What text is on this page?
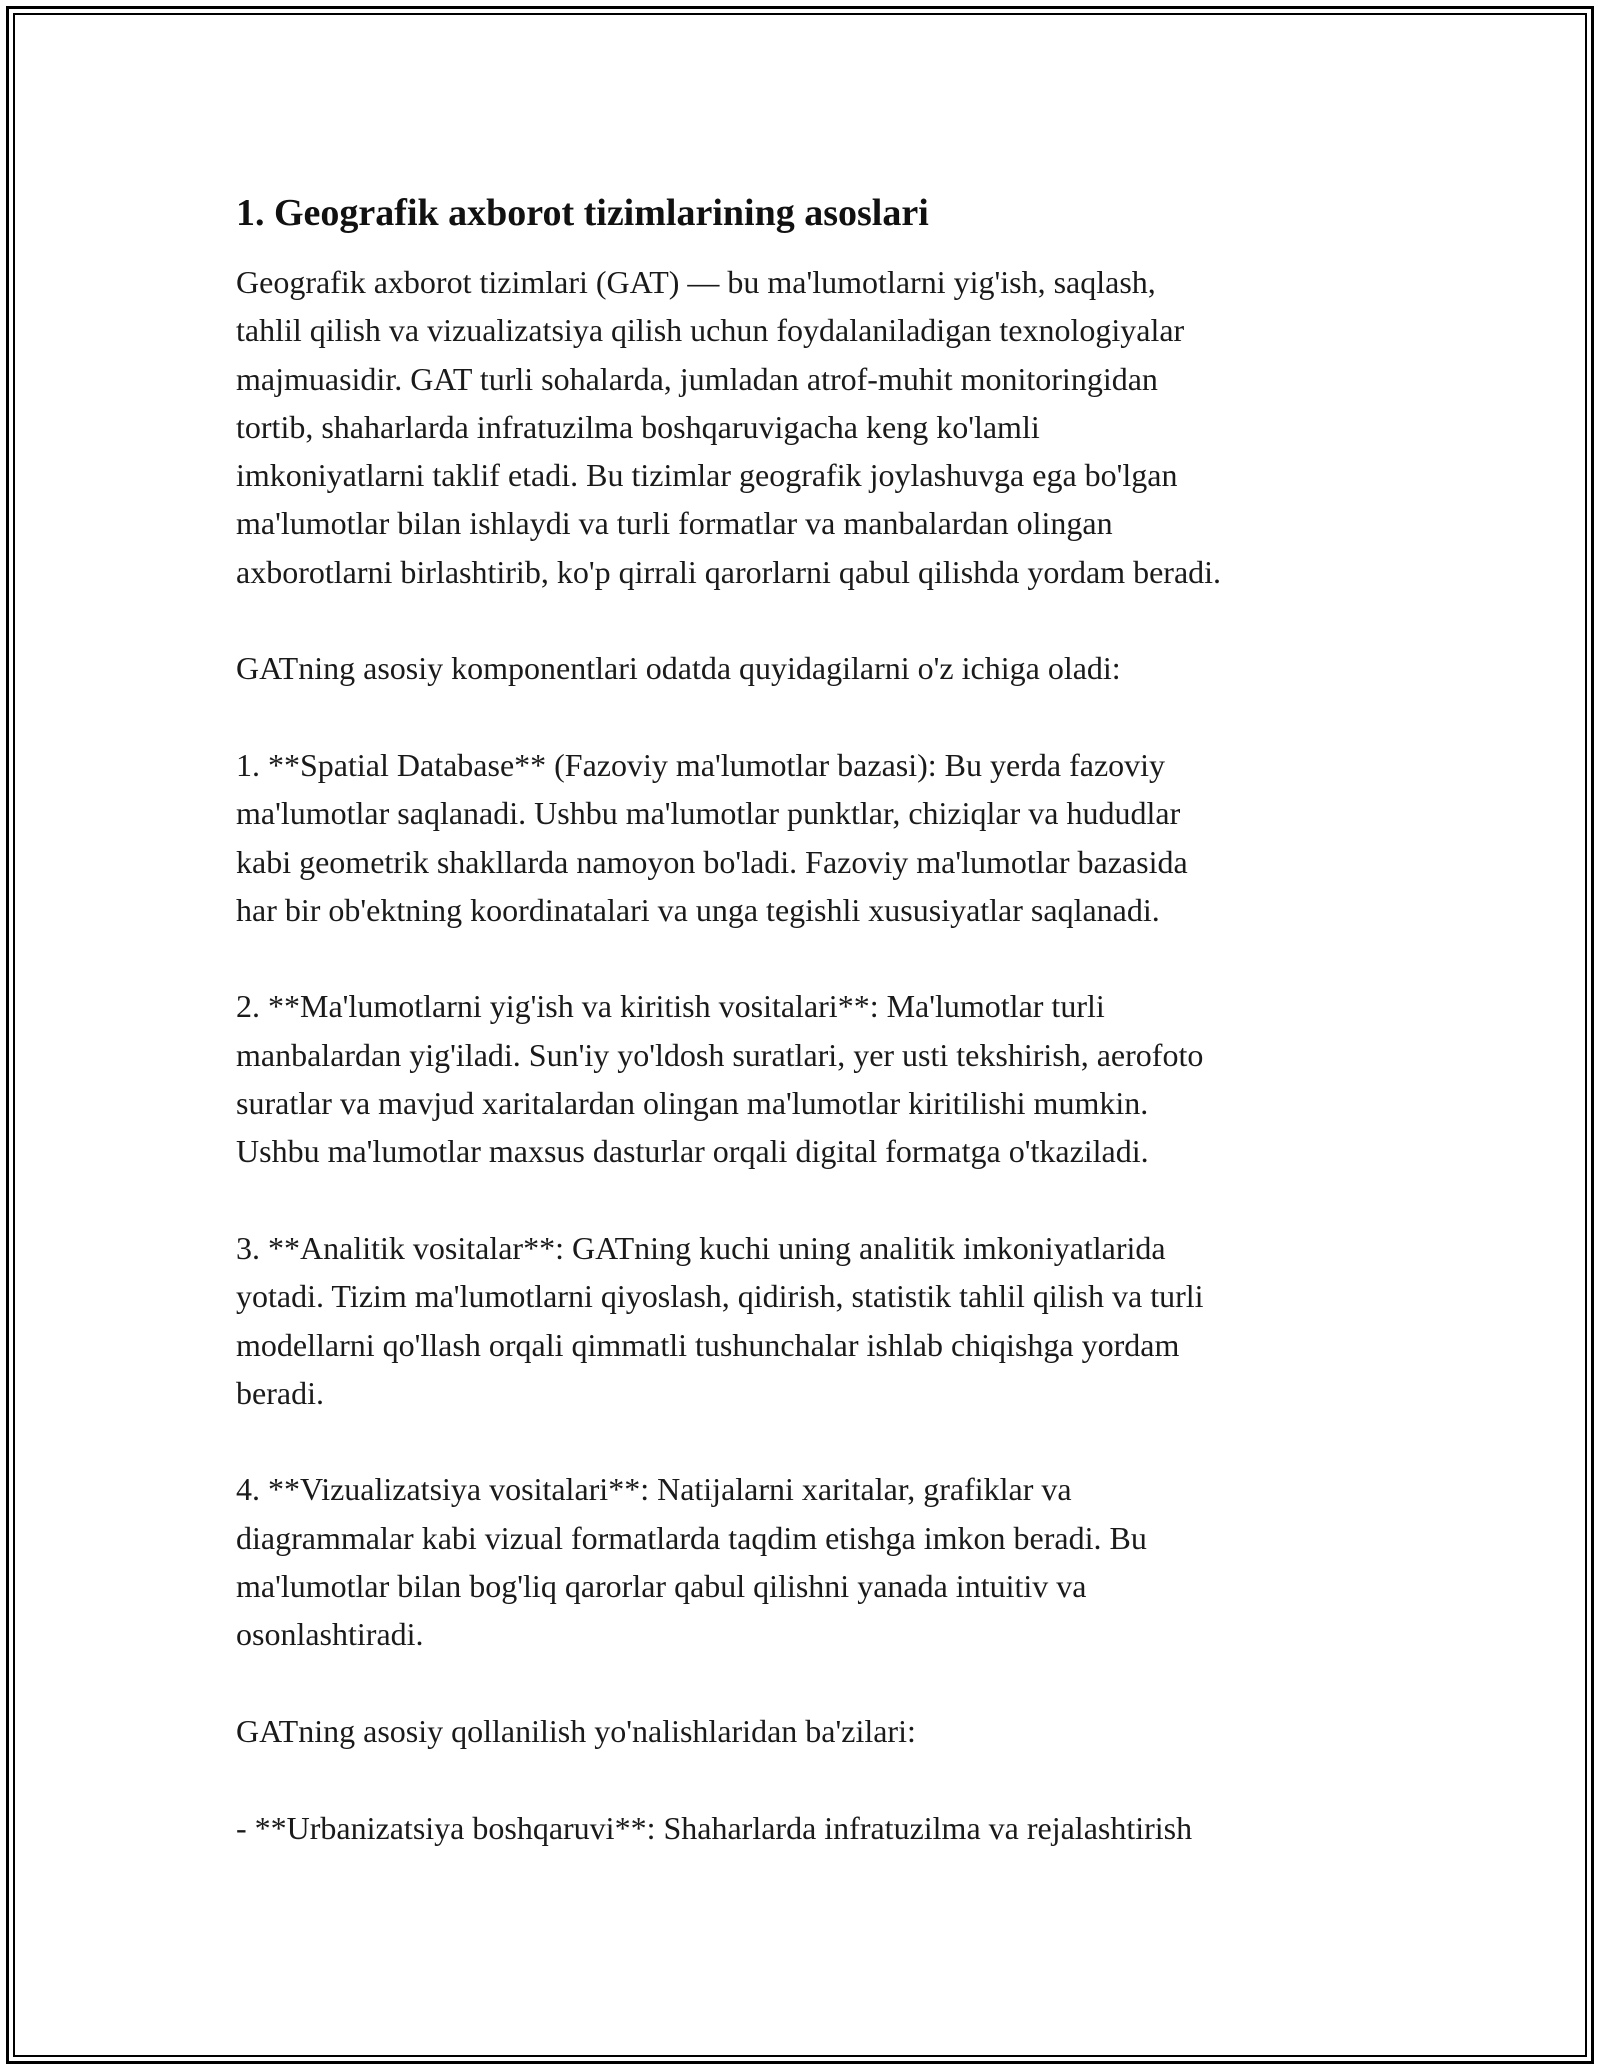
1. Geografik axborot tizimlarining asoslari

Geografik axborot tizimlari (GAT) — bu ma'lumotlarni yig'ish, saqlash,
tahlil qilish va vizualizatsiya qilish uchun foydalaniladigan texnologiyalar
majmuasidir. GAT turli sohalarda, jumladan atrof-muhit monitoringidan
tortib, shaharlarda infratuzilma boshqaruvigacha keng ko'lamli
imkoniyatlarni taklif etadi. Bu tizimlar geografik joylashuvga ega bo'lgan
ma'lumotlar bilan ishlaydi va turli formatlar va manbalardan olingan
axborotlarni birlashtirib, ko'p qirrali qarorlarni qabul qilishda yordam beradi.

GATning asosiy komponentlari odatda quyidagilarni o'z ichiga oladi:

1. **Spatial Database** (Fazoviy ma'lumotlar bazasi): Bu yerda fazoviy
ma'lumotlar saqlanadi. Ushbu ma'lumotlar punktlar, chiziqlar va hududlar
kabi geometrik shakllarda namoyon bo'ladi. Fazoviy ma'lumotlar bazasida
har bir ob'ektning koordinatalari va unga tegishli xususiyatlar saqlanadi.

2. **Ma'lumotlarni yig'ish va kiritish vositalari**: Ma'lumotlar turli
manbalardan yig'iladi. Sun'iy yo'ldosh suratlari, yer usti tekshirish, aerofoto
suratlar va mavjud xaritalardan olingan ma'lumotlar kiritilishi mumkin.
Ushbu ma'lumotlar maxsus dasturlar orqali digital formatga o'tkaziladi.

3. **Analitik vositalar**: GATning kuchi uning analitik imkoniyatlarida
yotadi. Tizim ma'lumotlarni qiyoslash, qidirish, statistik tahlil qilish va turli
modellarni qo'llash orqali qimmatli tushunchalar ishlab chiqishga yordam
beradi.

4. **Vizualizatsiya vositalari**: Natijalarni xaritalar, grafiklar va
diagrammalar kabi vizual formatlarda taqdim etishga imkon beradi. Bu
ma'lumotlar bilan bog'liq qarorlar qabul qilishni yanada intuitiv va
osonlashtiradi.

GATning asosiy qollanilish yo'nalishlaridan ba'zilari:

- **Urbanizatsiya boshqaruvi**: Shaharlarda infratuzilma va rejalashtirish
